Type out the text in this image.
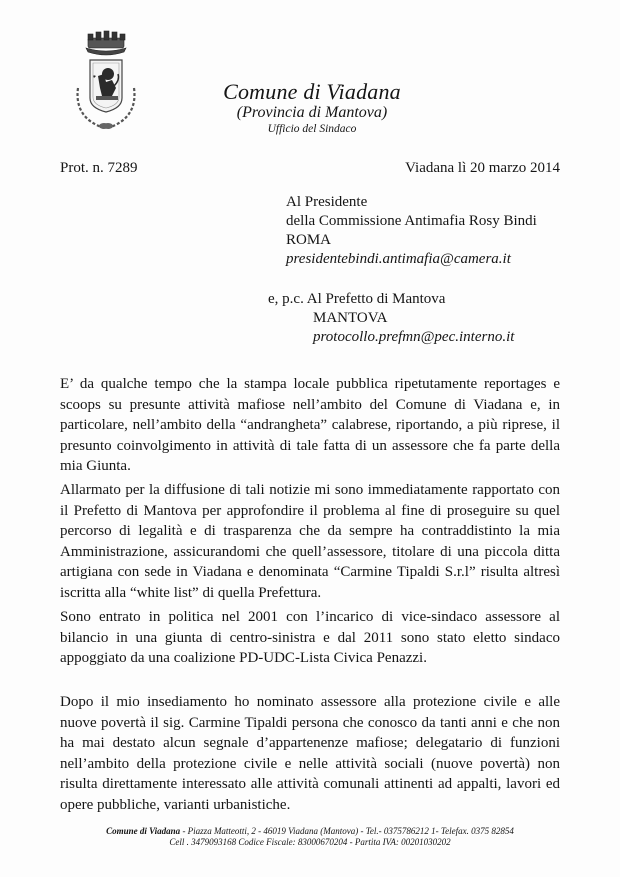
Comune di Viadana
(Provincia di Mantova)
Ufficio del Sindaco
Prot. n. 7289	Viadana lì 20 marzo 2014
Al Presidente
della Commissione Antimafia Rosy Bindi
ROMA
presidentebindi.antimafia@camera.it
e, p.c. Al Prefetto di Mantova
MANTOVA
protocollo.prefmn@pec.interno.it

E’ da qualche tempo che la stampa locale pubblica ripetutamente reportages e scoops su presunte attività mafiose nell’ambito del Comune di Viadana e, in particolare, nell’ambito della “andrangheta” calabrese, riportando, a più riprese, il presunto coinvolgimento in attività di tale fatta di un assessore che fa parte della mia Giunta.

Allarmato per la diffusione di tali notizie mi sono immediatamente rapportato con il Prefetto di Mantova per approfondire il problema al fine di proseguire su quel percorso di legalità e di trasparenza che da sempre ha contraddistinto la mia Amministrazione, assicurandomi che quell’assessore, titolare di una piccola ditta artigiana con sede in Viadana e denominata “Carmine Tipaldi S.r.l” risulta altresì iscritta alla “white list” di quella Prefettura.

Sono entrato in politica nel 2001 con l’incarico di vice-sindaco assessore al bilancio in una giunta di centro-sinistra e dal 2011 sono stato eletto sindaco appoggiato da una coalizione PD-UDC-Lista Civica Penazzi.

Dopo il mio insediamento ho nominato assessore alla protezione civile e alle nuove povertà il sig. Carmine Tipaldi persona che conosco da tanti anni e che non ha mai destato alcun segnale d’appartenenze mafiose; delegatario di funzioni nell’ambito della protezione civile e nelle attività sociali (nuove povertà) non risulta direttamente interessato alle attività comunali attinenti ad appalti, lavori ed opere pubbliche, varianti urbanistiche.

Comune di Viadana - Piazza Matteotti, 2 - 46019 Viadana (Mantova) - Tel.- 0375786212 1- Telefax. 0375 82854
Cell . 3479093168 Codice Fiscale: 83000670204 - Partita IVA: 00201030202
